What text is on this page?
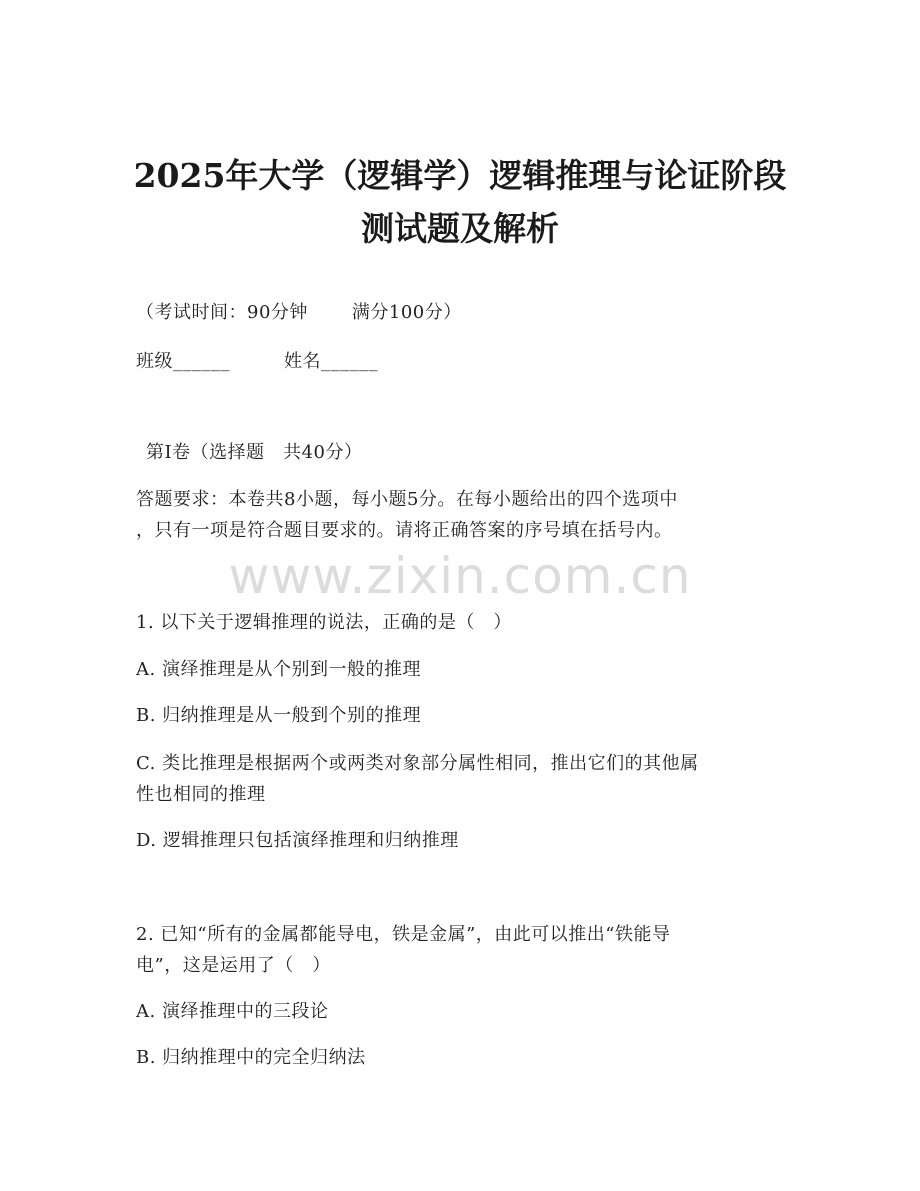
2025年大学（逻辑学）逻辑推理与论证阶段
测试题及解析
（考试时间：90分钟 满分100分）
班级______	姓名______
第Ⅰ卷（选择题　共40分）
答题要求：本卷共8小题，每小题5分。在每小题给出的四个选项中
，只有一项是符合题目要求的。请将正确答案的序号填在括号内。
www.zixin.com.cn
1. 以下关于逻辑推理的说法，正确的是（　）
A. 演绎推理是从个别到一般的推理
B. 归纳推理是从一般到个别的推理
C. 类比推理是根据两个或两类对象部分属性相同，推出它们的其他属
性也相同的推理
D. 逻辑推理只包括演绎推理和归纳推理
2. 已知“所有的金属都能导电，铁是金属”，由此可以推出“铁能导
电”，这是运用了（　）
A. 演绎推理中的三段论
B. 归纳推理中的完全归纳法
